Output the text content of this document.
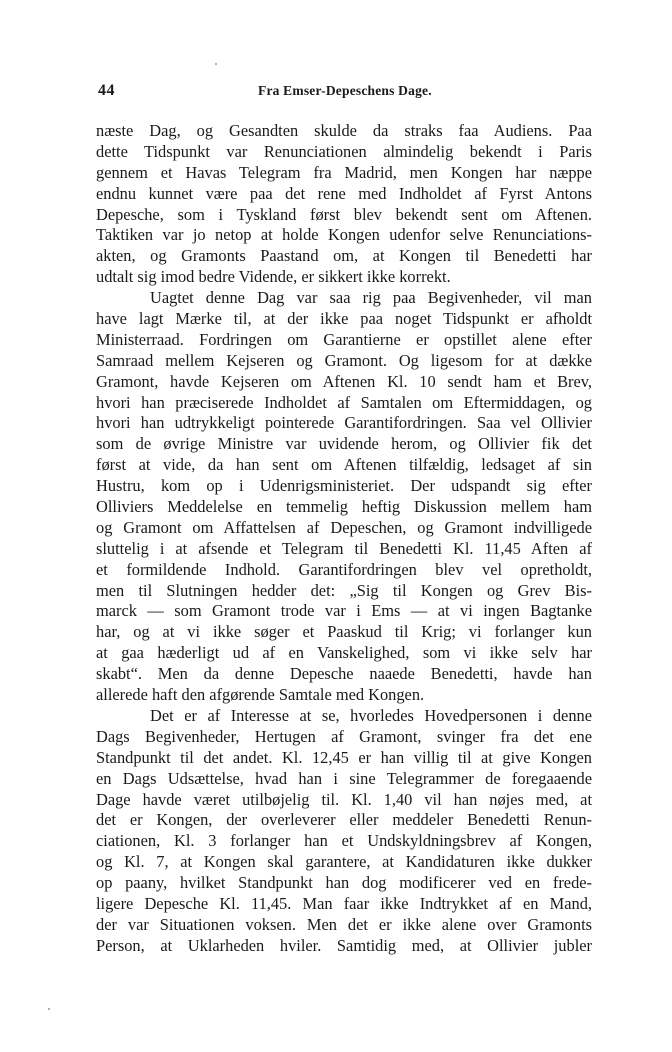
44	Fra Emser-Depeschens Dage.
næste Dag, og Gesandten skulde da straks faa Audiens. Paa
dette Tidspunkt var Renunciationen almindelig bekendt i Paris
gennem et Havas Telegram fra Madrid, men Kongen har næppe
endnu kunnet være paa det rene med Indholdet af Fyrst Antons
Depesche, som i Tyskland først blev bekendt sent om Aftenen.
Taktiken var jo netop at holde Kongen udenfor selve Renunciations-
akten, og Gramonts Paastand om, at Kongen til Benedetti har
udtalt sig imod bedre Vidende, er sikkert ikke korrekt.
Uagtet denne Dag var saa rig paa Begivenheder, vil man
have lagt Mærke til, at der ikke paa noget Tidspunkt er afholdt
Ministerraad. Fordringen om Garantierne er opstillet alene efter
Samraad mellem Kejseren og Gramont. Og ligesom for at dække
Gramont, havde Kejseren om Aftenen Kl. 10 sendt ham et Brev,
hvori han præciserede Indholdet af Samtalen om Eftermiddagen, og
hvori han udtrykkeligt pointerede Garantifordringen. Saa vel Ollivier
som de øvrige Ministre var uvidende herom, og Ollivier fik det
først at vide, da han sent om Aftenen tilfældig, ledsaget af sin
Hustru, kom op i Udenrigsministeriet. Der udspandt sig efter
Olliviers Meddelelse en temmelig heftig Diskussion mellem ham
og Gramont om Affattelsen af Depeschen, og Gramont indvilligede
sluttelig i at afsende et Telegram til Benedetti Kl. 11,45 Aften af
et formildende Indhold. Garantifordringen blev vel opretholdt,
men til Slutningen hedder det: „Sig til Kongen og Grev Bis-
marck — som Gramont trode var i Ems — at vi ingen Bagtanke
har, og at vi ikke søger et Paaskud til Krig; vi forlanger kun
at gaa hæderligt ud af en Vanskelighed, som vi ikke selv har
skabt“. Men da denne Depesche naaede Benedetti, havde han
allerede haft den afgørende Samtale med Kongen.
Det er af Interesse at se, hvorledes Hovedpersonen i denne
Dags Begivenheder, Hertugen af Gramont, svinger fra det ene
Standpunkt til det andet. Kl. 12,45 er han villig til at give Kongen
en Dags Udsættelse, hvad han i sine Telegrammer de foregaaende
Dage havde været utilbøjelig til. Kl. 1,40 vil han nøjes med, at
det er Kongen, der overleverer eller meddeler Benedetti Renun-
ciationen, Kl. 3 forlanger han et Undskyldningsbrev af Kongen,
og Kl. 7, at Kongen skal garantere, at Kandidaturen ikke dukker
op paany, hvilket Standpunkt han dog modificerer ved en frede-
ligere Depesche Kl. 11,45. Man faar ikke Indtrykket af en Mand,
der var Situationen voksen. Men det er ikke alene over Gramonts
Person, at Uklarheden hviler. Samtidig med, at Ollivier jubler
